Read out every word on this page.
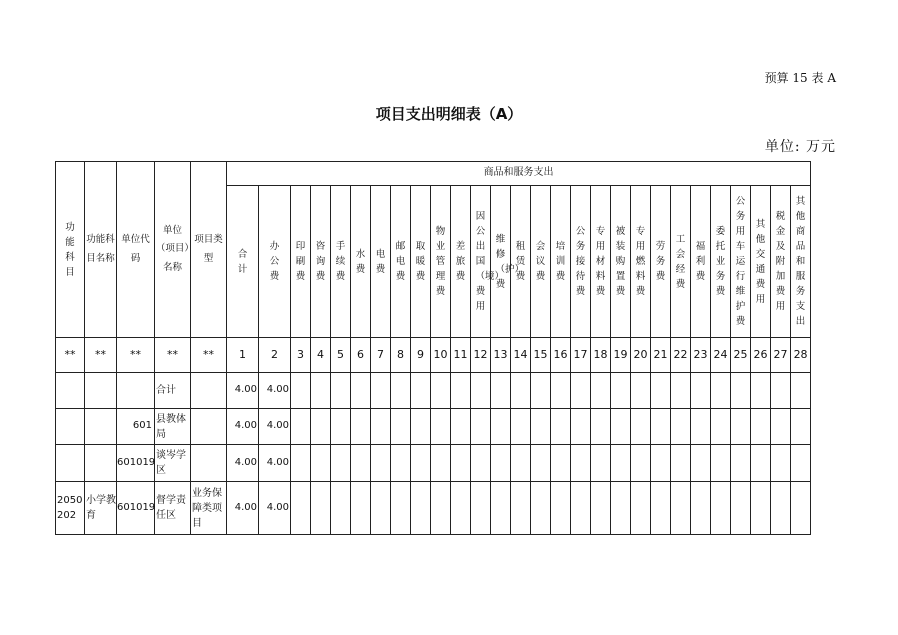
预算 15 表 A
项目支出明细表（A）
单位: 万元
功能科目	功能科目名称	单位代码	单位（项目）名称	项目类型	商品和服务支出																											
					合计	办公费	印刷费	咨询费	手续费	水费	电费	邮电费	取暖费	物业管理费	差旅费	因公出国（境）费用	维修（护）费	租赁费	会议费	培训费	公务接待费	专用材料费	被装购置费	专用燃料费	劳务费	工会经费	福利费	委托业务费	公务用车运行维护费	其他交通费用	税金及附加费用	其他商品和服务支出
**	**	**	**	**	1	2	3	4	5	6	7	8	9	10	11	12	13	14	15	16	17	18	19	20	21	22	23	24	25	26	27	28
			合计		4.00	4.00																										
		601	县教体局		4.00	4.00																										
		601019	谈岑学区		4.00	4.00																										
2050202	小学教育	601019	督学责任区	业务保障类项目	4.00	4.00																										
